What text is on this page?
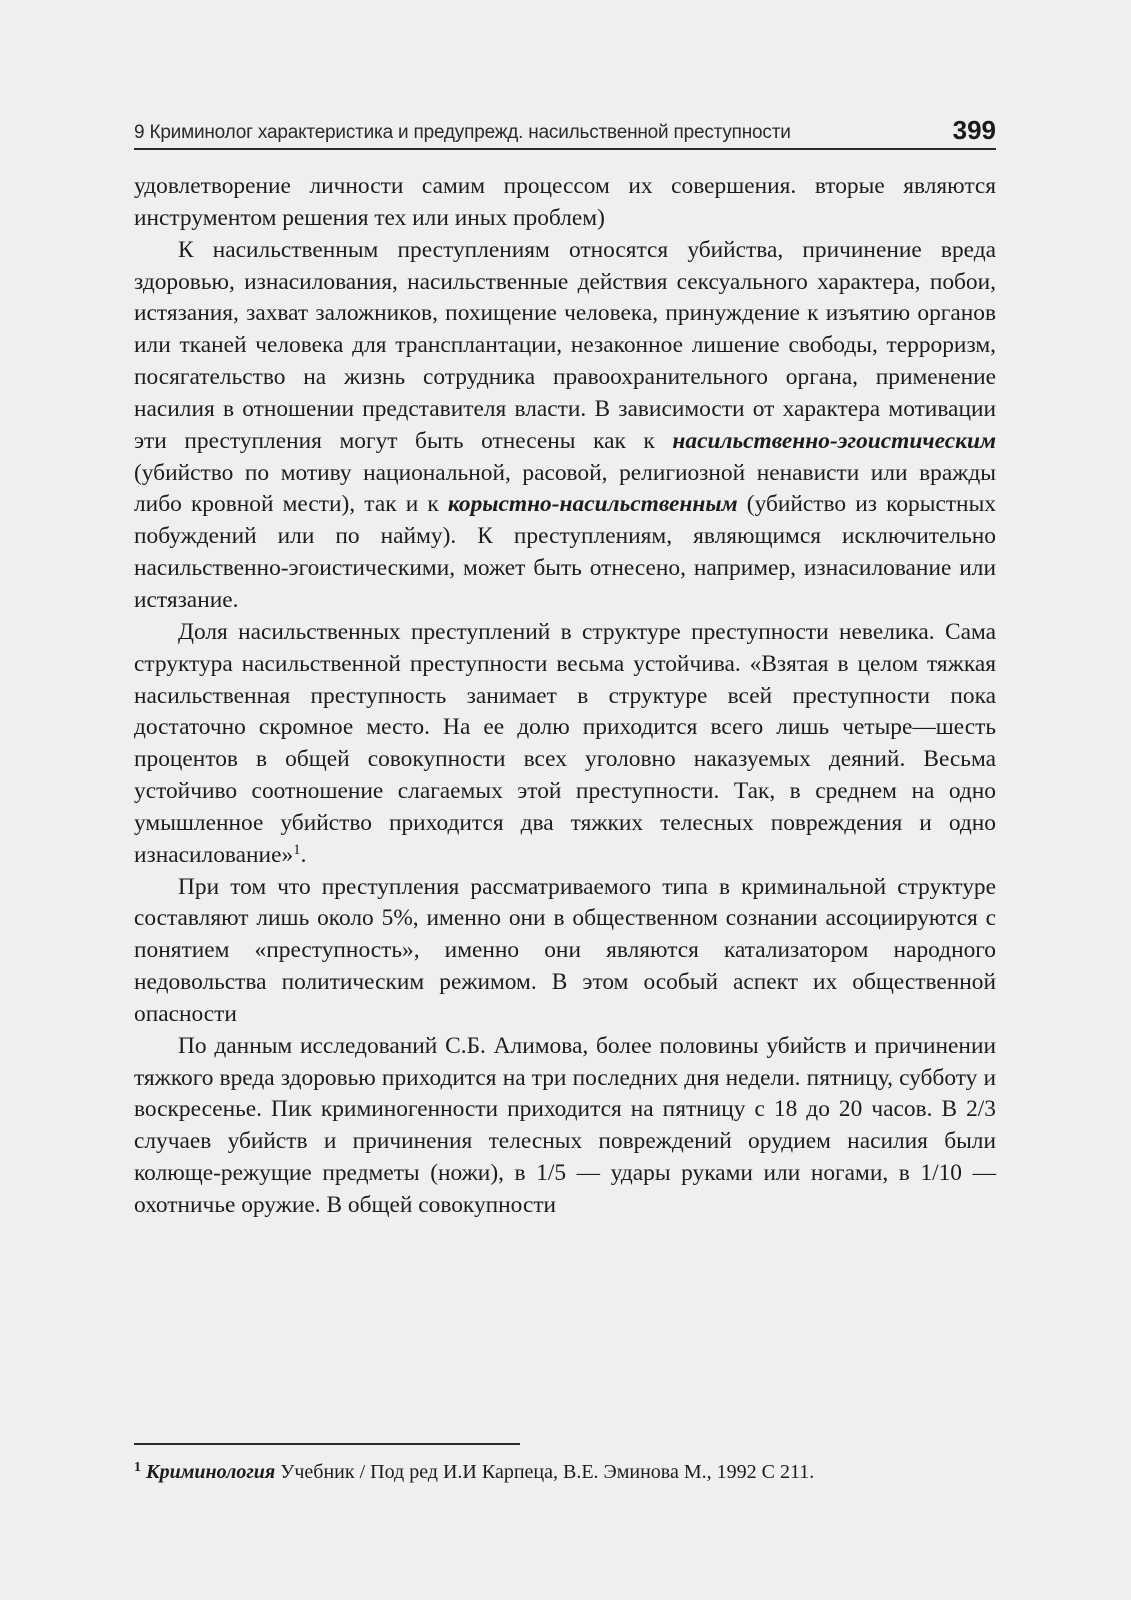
9 Криминолог характеристика и предупрежд. насильственной преступности	399

удовлетворение личности самим процессом их совершения. вторые являются инструментом решения тех или иных проблем)

К насильственным преступлениям относятся убийства, причинение вреда здоровью, изнасилования, насильственные действия сексуального характера, побои, истязания, захват заложников, похищение человека, принуждение к изъятию органов или тканей человека для трансплантации, незаконное лишение свободы, терроризм, посягательство на жизнь сотрудника правоохранительного органа, применение насилия в отношении представителя власти. В зависимости от характера мотивации эти преступления могут быть отнесены как к насильственно-эгоистическим (убийство по мотиву национальной, расовой, религиозной ненависти или вражды либо кровной мести), так и к корыстно-насильственным (убийство из корыстных побуждений или по найму). К преступлениям, являющимся исключительно насильственно-эгоистическими, может быть отнесено, например, изнасилование или истязание.

Доля насильственных преступлений в структуре преступности невелика. Сама структура насильственной преступности весьма устойчива. «Взятая в целом тяжкая насильственная преступность занимает в структуре всей преступности пока достаточно скромное место. На ее долю приходится всего лишь четыре—шесть процентов в общей совокупности всех уголовно наказуемых деяний. Весьма устойчиво соотношение слагаемых этой преступности. Так, в среднем на одно умышленное убийство приходится два тяжких телесных повреждения и одно изнасилование»$^1$.

При том что преступления рассматриваемого типа в криминальной структуре составляют лишь около 5%, именно они в общественном сознании ассоциируются с понятием «преступность», именно они являются катализатором народного недовольства политическим режимом. В этом особый аспект их общественной опасности

По данным исследований С.Б. Алимова, более половины убийств и причинении тяжкого вреда здоровью приходится на три последних дня недели. пятницу, субботу и воскресенье. Пик криминогенности приходится на пятницу с 18 до 20 часов. В 2/3 случаев убийств и причинения телесных повреждений орудием насилия были колюще-режущие предметы (ножи), в 1/5 — удары руками или ногами, в 1/10 — охотничье оружие. В общей совокупности

$^1$ Криминология Учебник / Под ред И.И Карпеца, В.Е. Эминова М., 1992 С 211.
